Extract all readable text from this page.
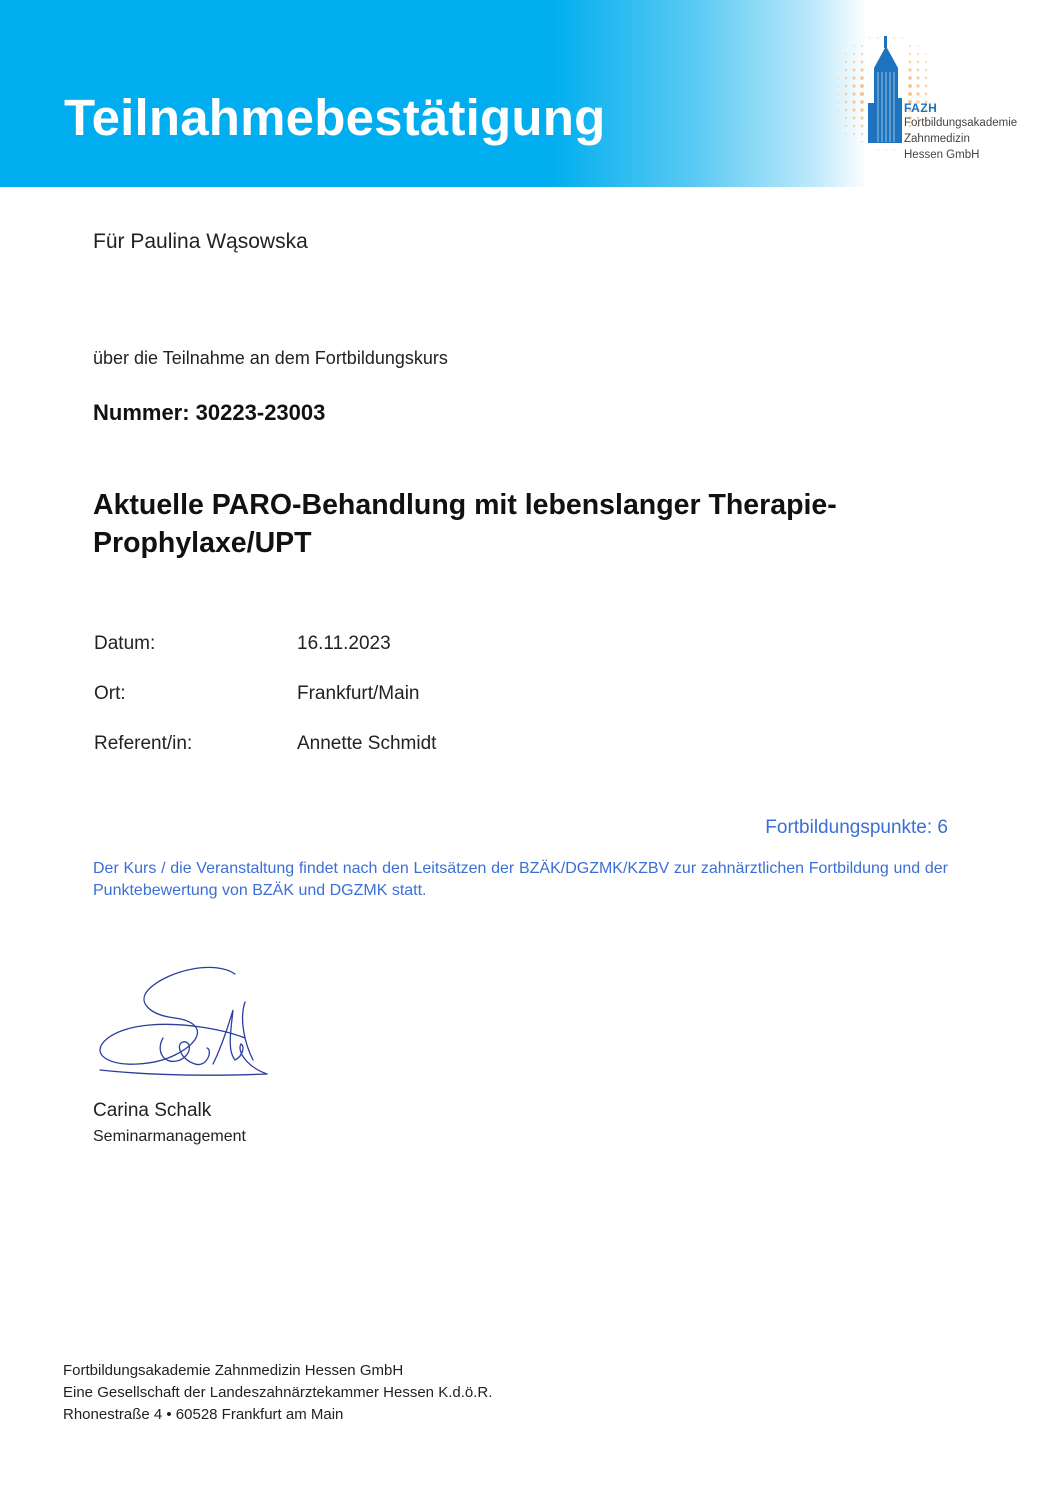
Teilnahmebestätigung	FAZH
Fortbildungsakademie
Zahnmedizin
Hessen GmbH
Für Paulina Wąsowska
über die Teilnahme an dem Fortbildungskurs
Nummer: 30223-23003
Aktuelle PARO-Behandlung mit lebenslanger Therapie-Prophylaxe/UPT
Datum:	16.11.2023
Ort:	Frankfurt/Main
Referent/in:	Annette Schmidt
Fortbildungspunkte: 6
Der Kurs / die Veranstaltung findet nach den Leitsätzen der BZÄK/DGZMK/KZBV zur zahnärztlichen Fortbildung und der Punktebewertung von BZÄK und DGZMK statt.
Carina Schalk
Seminarmanagement
Fortbildungsakademie Zahnmedizin Hessen GmbH
Eine Gesellschaft der Landeszahnärztekammer Hessen K.d.ö.R.
Rhonestraße 4 • 60528 Frankfurt am Main
